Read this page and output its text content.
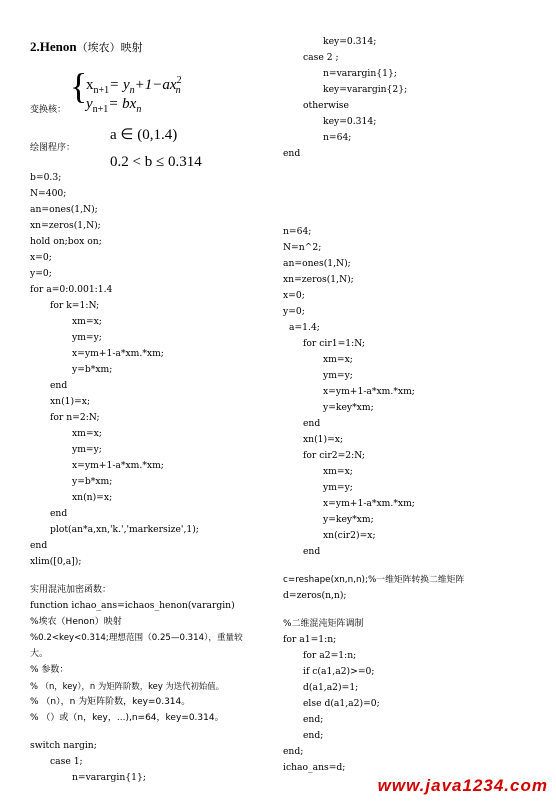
2.Henon（埃农）映射
变换核：
{
$x_{n+1}= y_n+1-ax^2_n$
$y_{n+1}= bx_n$
绘图程序：
a ∈ (0,1.4)
0.2 < b ≤ 0.314
b=0.3;
N=400;
an=ones(1,N);
xn=zeros(1,N);
hold on;box on;
x=0;
y=0;
for a=0:0.001:1.4
for k=1:N;
xm=x;
ym=y;
x=ym+1-a*xm.*xm;
y=b*xm;
end
xn(1)=x;
for n=2:N;
xm=x;
ym=y;
x=ym+1-a*xm.*xm;
y=b*xm;
xn(n)=x;
end
plot(an*a,xn,'k.','markersize',1);
end
xlim([0,a]);
实用混沌加密函数：
function ichao_ans=ichaos_henon(varargin)
%埃农（Henon）映射
%0.2<key<0.314;理想范围（0.25—0.314），重量较
大。
% 参数：
% （n，key），n 为矩阵阶数，key 为迭代初始值。
% （n），n 为矩阵阶数，key=0.314。
% （）或（n，key，...),n=64，key=0.314。
switch nargin;
case 1;
n=varargin{1};
key=0.314;
case 2 ;
n=varargin{1};
key=varargin{2};
otherwise
key=0.314;
n=64;
end
n=64;
N=n^2;
an=ones(1,N);
xn=zeros(1,N);
x=0;
y=0;
a=1.4;
for cir1=1:N;
xm=x;
ym=y;
x=ym+1-a*xm.*xm;
y=key*xm;
end
xn(1)=x;
for cir2=2:N;
xm=x;
ym=y;
x=ym+1-a*xm.*xm;
y=key*xm;
xn(cir2)=x;
end
c=reshape(xn,n,n);%一维矩阵转换二维矩阵
d=zeros(n,n);
%二维混沌矩阵调制
for a1=1:n;
for a2=1:n;
if c(a1,a2)>=0;
d(a1,a2)=1;
else d(a1,a2)=0;
end;
end;
end;
ichao_ans=d;
www.java1234.com
